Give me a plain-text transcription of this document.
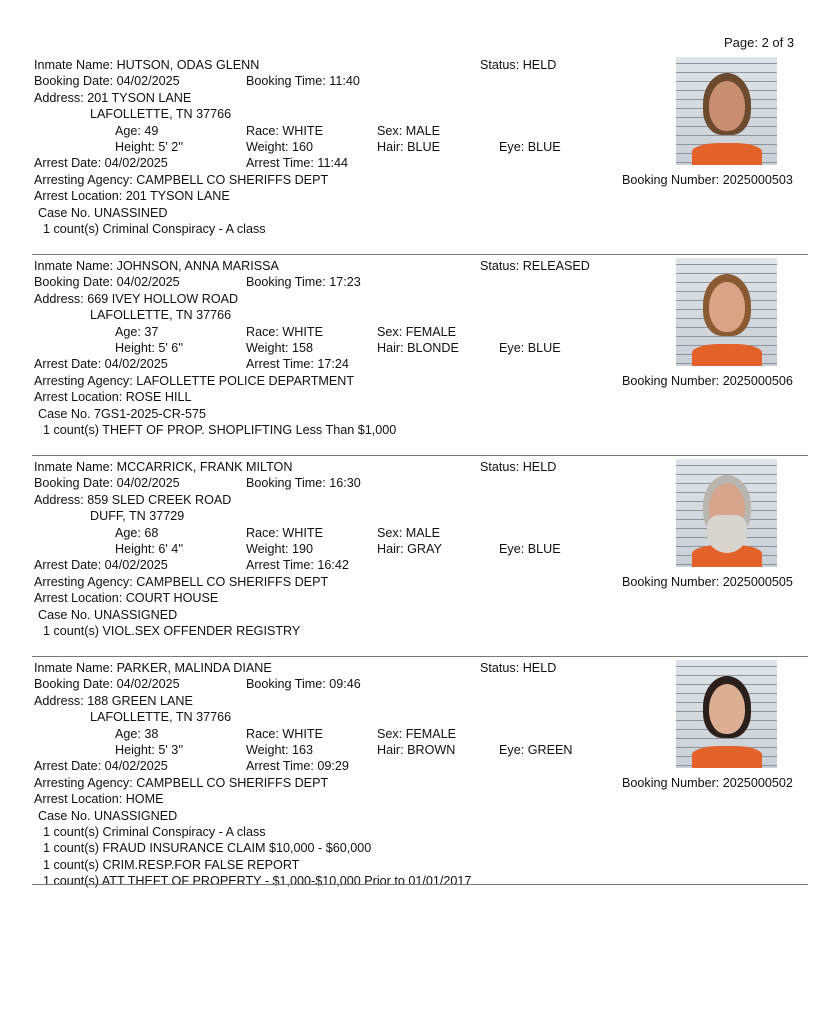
Page: 2 of 3
Inmate Name: HUTSON, ODAS GLENN	Status: HELD
Booking Date: 04/02/2025	Booking Time: 11:40
Address: 201 TYSON LANE
LAFOLLETTE, TN 37766
Age: 49	Race: WHITE	Sex: MALE
Height: 5' 2''	Weight: 160	Hair: BLUE	Eye: BLUE
Arrest Date: 04/02/2025	Arrest Time: 11:44
Arresting Agency: CAMPBELL CO SHERIFFS DEPT	Booking Number: 2025000503
Arrest Location: 201 TYSON LANE
Case No. UNASSINED
1 count(s) Criminal Conspiracy - A class
Inmate Name: JOHNSON, ANNA MARISSA	Status: RELEASED
Booking Date: 04/02/2025	Booking Time: 17:23
Address: 669 IVEY HOLLOW ROAD
LAFOLLETTE, TN 37766
Age: 37	Race: WHITE	Sex: FEMALE
Height: 5' 6''	Weight: 158	Hair: BLONDE	Eye: BLUE
Arrest Date: 04/02/2025	Arrest Time: 17:24
Arresting Agency: LAFOLLETTE POLICE DEPARTMENT	Booking Number: 2025000506
Arrest Location: ROSE HILL
Case No. 7GS1-2025-CR-575
1 count(s) THEFT OF PROP. SHOPLIFTING Less Than $1,000
Inmate Name: MCCARRICK, FRANK MILTON	Status: HELD
Booking Date: 04/02/2025	Booking Time: 16:30
Address: 859 SLED CREEK ROAD
DUFF, TN 37729
Age: 68	Race: WHITE	Sex: MALE
Height: 6' 4''	Weight: 190	Hair: GRAY	Eye: BLUE
Arrest Date: 04/02/2025	Arrest Time: 16:42
Arresting Agency: CAMPBELL CO SHERIFFS DEPT	Booking Number: 2025000505
Arrest Location: COURT HOUSE
Case No. UNASSIGNED
1 count(s) VIOL.SEX OFFENDER REGISTRY
Inmate Name: PARKER, MALINDA DIANE	Status: HELD
Booking Date: 04/02/2025	Booking Time: 09:46
Address: 188 GREEN LANE
LAFOLLETTE, TN 37766
Age: 38	Race: WHITE	Sex: FEMALE
Height: 5' 3''	Weight: 163	Hair: BROWN	Eye: GREEN
Arrest Date: 04/02/2025	Arrest Time: 09:29
Arresting Agency: CAMPBELL CO SHERIFFS DEPT	Booking Number: 2025000502
Arrest Location: HOME
Case No. UNASSIGNED
1 count(s) Criminal Conspiracy - A class
1 count(s) FRAUD INSURANCE CLAIM $10,000 - $60,000
1 count(s) CRIM.RESP.FOR FALSE REPORT
1 count(s) ATT THEFT OF PROPERTY - $1,000-$10,000 Prior to 01/01/2017
